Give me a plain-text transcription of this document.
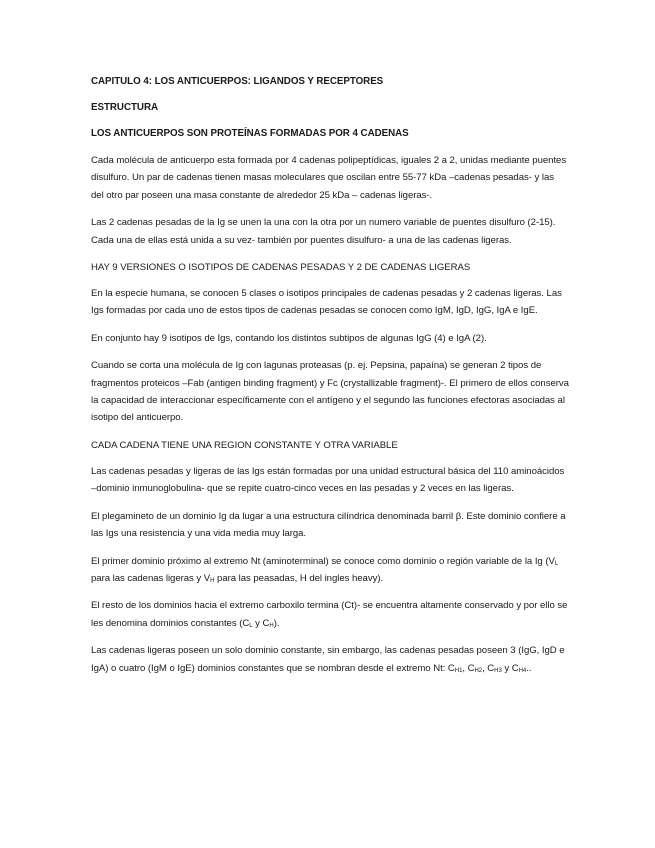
CAPITULO 4: LOS ANTICUERPOS: LIGANDOS Y RECEPTORES

ESTRUCTURA

LOS ANTICUERPOS SON PROTEÍNAS FORMADAS POR 4 CADENAS

Cada molécula de anticuerpo esta formada por 4 cadenas polipeptídicas, iguales 2 a 2, unidas mediante puentes disulfuro. Un par de cadenas tienen masas moleculares que oscilan entre 55-77 kDa –cadenas pesadas- y las del otro par poseen una masa constante de alrededor 25 kDa – cadenas ligeras-.

Las 2 cadenas pesadas de la Ig se unen la una con la otra por un numero variable de puentes disulfuro (2-15). Cada una de ellas está unida a su vez- también por puentes disulfuro- a una de las cadenas ligeras.

HAY 9 VERSIONES O ISOTIPOS DE CADENAS PESADAS Y 2 DE CADENAS LIGERAS

En la especie humana, se conocen 5 clases o isotipos principales de cadenas pesadas y 2 cadenas ligeras. Las Igs formadas por cada uno de estos tipos de cadenas pesadas se conocen como IgM, IgD, IgG, IgA e IgE.

En conjunto hay 9 isotipos de Igs, contando los distintos subtipos de algunas IgG (4) e IgA (2).

Cuando se corta una molécula de Ig con lagunas proteasas (p. ej. Pepsina, papaína) se generan 2 tipos de fragmentos proteicos –Fab (antigen binding fragment) y Fc (crystallizable fragment)-. El primero de ellos conserva la capacidad de interaccionar específicamente con el antígeno y el segundo las funciones efectoras asociadas al isotipo del anticuerpo.

CADA CADENA TIENE UNA REGION CONSTANTE Y OTRA VARIABLE

Las cadenas pesadas y ligeras de las Igs están formadas por una unidad estructural básica del 110 aminoácidos –dominio inmunoglobulina- que se repite cuatro-cinco veces en las pesadas y 2 veces en las ligeras.

El plegamineto de un dominio Ig da lugar a una estructura cilíndrica denominada barril β. Este dominio confiere a las Igs una resistencia y una vida media muy larga.

El primer dominio próximo al extremo Nt (aminoterminal) se conoce como dominio o región variable de la Ig ($V_L$ para las cadenas ligeras y $V_H$ para las peasadas, H del ingles heavy).

El resto de los dominios hacia el extremo carboxilo termina (Ct)- se encuentra altamente conservado y por ello se les denomina dominios constantes ($C_L$ y $C_H$).

Las cadenas ligeras poseen un solo dominio constante, sin embargo, las cadenas pesadas poseen 3 (IgG, IgD e IgA) o cuatro (IgM o IgE) dominios constantes que se nombran desde el extremo Nt: $C_{H1}$, $C_{H2}$, $C_{H3}$ y $C_{H4}$..
